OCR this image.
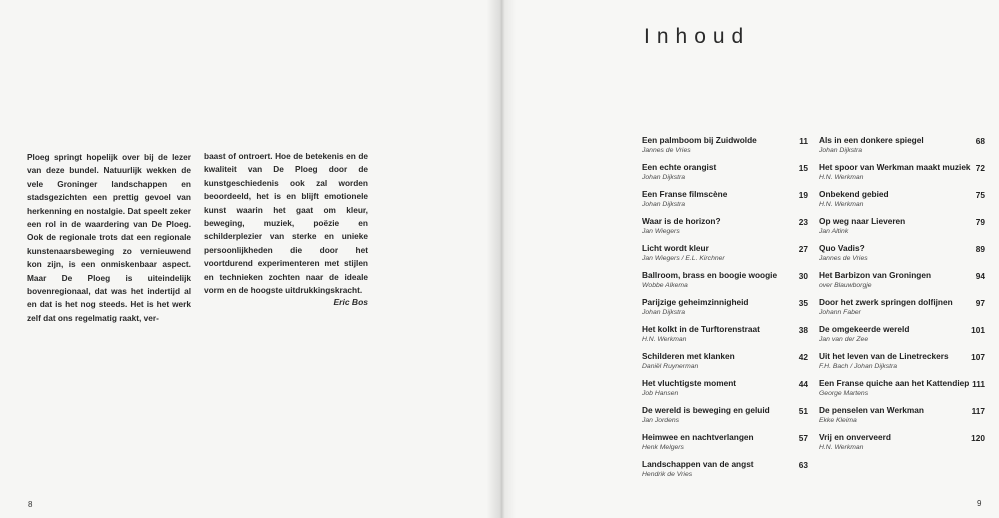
Ploeg springt hopelijk over bij de lezer van deze bundel. Natuurlijk wekken de vele Groninger landschappen en stadsgezichten een prettig gevoel van herkenning en nostalgie. Dat speelt zeker een rol in de waardering van De Ploeg. Ook de regionale trots dat een regionale kunstenaarsbeweging zo vernieuwend kon zijn, is een onmiskenbaar aspect. Maar De Ploeg is uiteindelijk bovenregionaal, dat was het indertijd al en dat is het nog steeds. Het is het werk zelf dat ons regelmatig raakt, ver-

baast of ontroert. Hoe de betekenis en de kwaliteit van De Ploeg door de kunstgeschiedenis ook zal worden beoordeeld, het is en blijft emotionele kunst waarin het gaat om kleur, beweging, muziek, poëzie en schilderplezier van sterke en unieke persoonlijkheden die door het voortdurend experimenteren met stijlen en technieken zochten naar de ideale vorm en de hoogste uitdrukkingskracht.

Eric Bos
8
Inhoud
Een palmboom bij Zuidwolde
Jannes de Vries
11
Een echte orangist
Johan Dijkstra
15
Een Franse filmscène
Johan Dijkstra
19
Waar is de horizon?
Jan Wiegers
23
Licht wordt kleur
Jan Wiegers / E.L. Kirchner
27
Ballroom, brass en boogie woogie
Wobbe Alkema
30
Parijzige geheimzinnigheid
Johan Dijkstra
35
Het kolkt in de Turftorenstraat
H.N. Werkman
38
Schilderen met klanken
Daniël Ruynerman
42
Het vluchtigste moment
Job Hansen
44
De wereld is beweging en geluid
Jan Jordens
51
Heimwee en nachtverlangen
Henk Melgers
57
Landschappen van de angst
Hendrik de Vries
63
Als in een donkere spiegel
Johan Dijkstra
68
Het spoor van Werkman maakt muziek
H.N. Werkman
72
Onbekend gebied
H.N. Werkman
75
Op weg naar Lieveren
Jan Altink
79
Quo Vadis?
Jannes de Vries
89
Het Barbizon van Groningen
over Blauwborgje
94
Door het zwerk springen dolfijnen
Johann Faber
97
De omgekeerde wereld
Jan van der Zee
101
Uit het leven van de Linetreckers
F.H. Bach / Johan Dijkstra
107
Een Franse quiche aan het Kattendiep
George Martens
111
De penselen van Werkman
Ekke Kleima
117
Vrij en onverveerd
H.N. Werkman
120
9
